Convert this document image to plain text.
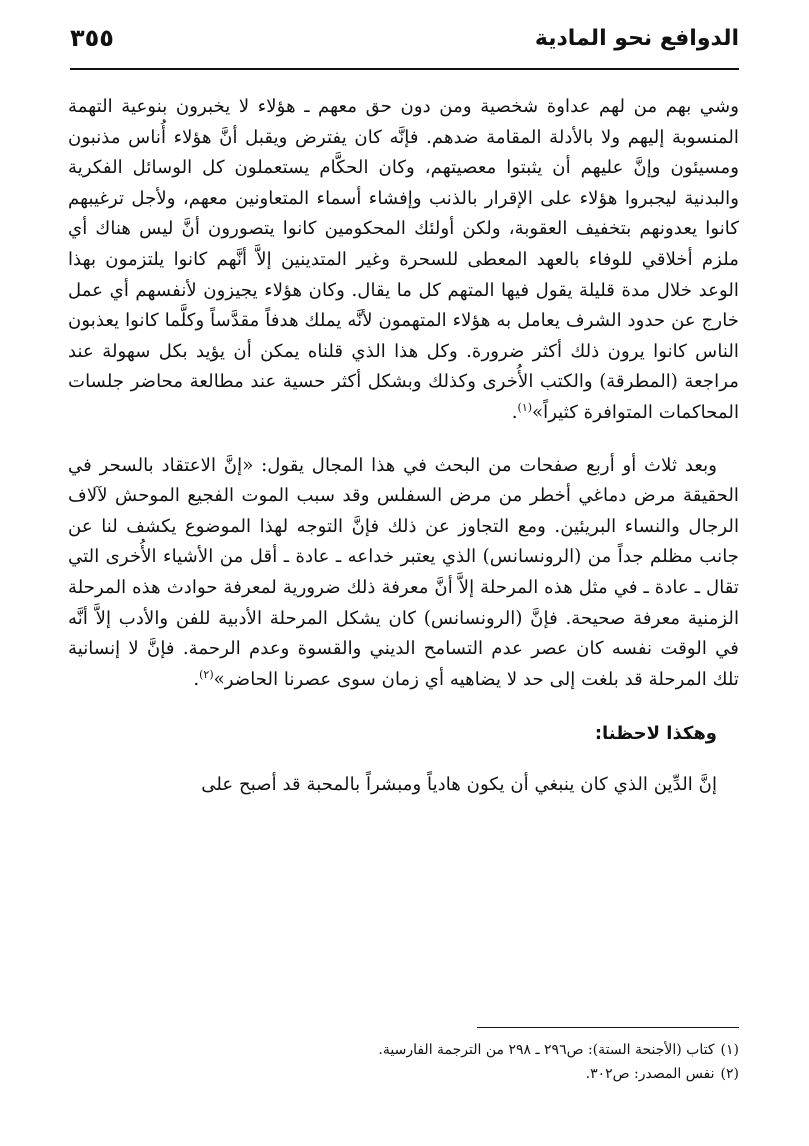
الدوافع نحو المادية
٣٥٥

وشي بهم من لهم عداوة شخصية ومن دون حق معهم ـ هؤلاء لا يخبرون بنوعية التهمة المنسوبة إليهم ولا بالأدلة المقامة ضدهم. فإنَّه كان يفترض ويقبل أنَّ هؤلاء أُناس مذنبون ومسيئون وإنَّ عليهم أن يثبتوا معصيتهم، وكان الحكَّام يستعملون كل الوسائل الفكرية والبدنية ليجبروا هؤلاء على الإقرار بالذنب وإفشاء أسماء المتعاونين معهم، ولأجل ترغيبهم كانوا يعدونهم بتخفيف العقوبة، ولكن أولئك المحكومين كانوا يتصورون أنَّ ليس هناك أي ملزم أخلاقي للوفاء بالعهد المعطى للسحرة وغير المتدينين إلاَّ أنَّهم كانوا يلتزمون بهذا الوعد خلال مدة قليلة يقول فيها المتهم كل ما يقال. وكان هؤلاء يجيزون لأنفسهم أي عمل خارج عن حدود الشرف يعامل به هؤلاء المتهمون لأنَّه يملك هدفاً مقدَّساً وكلَّما كانوا يعذبون الناس كانوا يرون ذلك أكثر ضرورة. وكل هذا الذي قلناه يمكن أن يؤيد بكل سهولة عند مراجعة (المطرقة) والكتب الأُخرى وكذلك وبشكل أكثر حسية عند مطالعة محاضر جلسات المحاكمات المتوافرة كثيراً»$^{(١)}$.

وبعد ثلاث أو أربع صفحات من البحث في هذا المجال يقول: «إنَّ الاعتقاد بالسحر في الحقيقة مرض دماغي أخطر من مرض السفلس وقد سبب الموت الفجيع الموحش لآلاف الرجال والنساء البريئين. ومع التجاوز عن ذلك فإنَّ التوجه لهذا الموضوع يكشف لنا عن جانب مظلم جداً من (الرونسانس) الذي يعتبر خداعه ـ عادة ـ أقل من الأشياء الأُخرى التي تقال ـ عادة ـ في مثل هذه المرحلة إلاَّ أنَّ معرفة ذلك ضرورية لمعرفة حوادث هذه المرحلة الزمنية معرفة صحيحة. فإنَّ (الرونسانس) كان يشكل المرحلة الأدبية للفن والأدب إلاَّ أنَّه في الوقت نفسه كان عصر عدم التسامح الديني والقسوة وعدم الرحمة. فإنَّ لا إنسانية تلك المرحلة قد بلغت إلى حد لا يضاهيه أي زمان سوى عصرنا الحاضر»$^{(٢)}$.

وهكذا لاحظنا:

إنَّ الدِّين الذي كان ينبغي أن يكون هادياً ومبشراً بالمحبة قد أصبح على

(١)كتاب (الأجنحة الستة): ص٢٩٦ ـ ٢٩٨ من الترجمة الفارسية.

(٢)نفس المصدر: ص٣٠٢.
